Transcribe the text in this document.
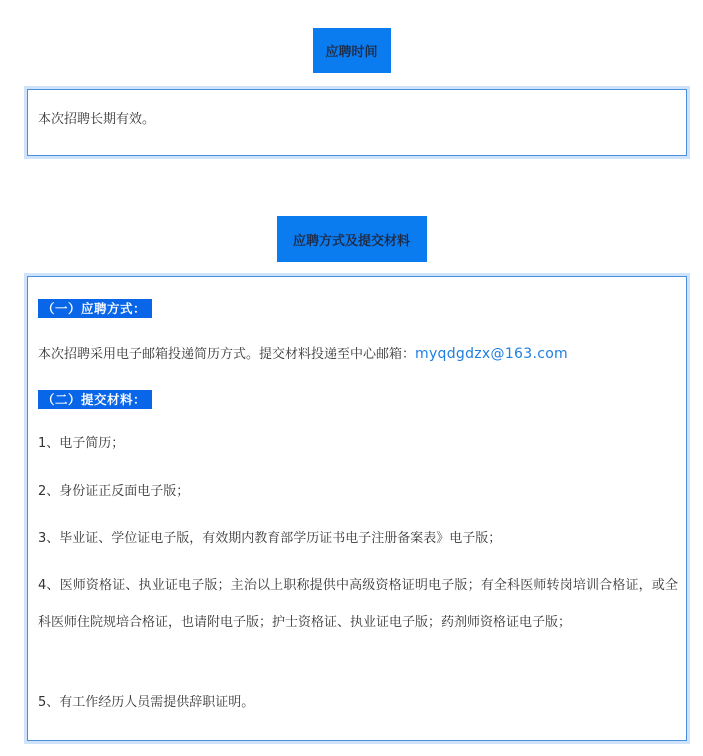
应聘时间
本次招聘长期有效。
应聘方式及提交材料
（一）应聘方式：
本次招聘采用电子邮箱投递简历方式。提交材料投递至中心邮箱：myqdgdzx@163.com
（二）提交材料：
1、电子简历；
2、身份证正反面电子版；
3、毕业证、学位证电子版，有效期内教育部学历证书电子注册备案表》电子版；
4、医师资格证、执业证电子版；主治以上职称提供中高级资格证明电子版；有全科医师转岗培训合格证，或全科医师住院规培合格证，也请附电子版；护士资格证、执业证电子版；药剂师资格证电子版；
5、有工作经历人员需提供辞职证明。
